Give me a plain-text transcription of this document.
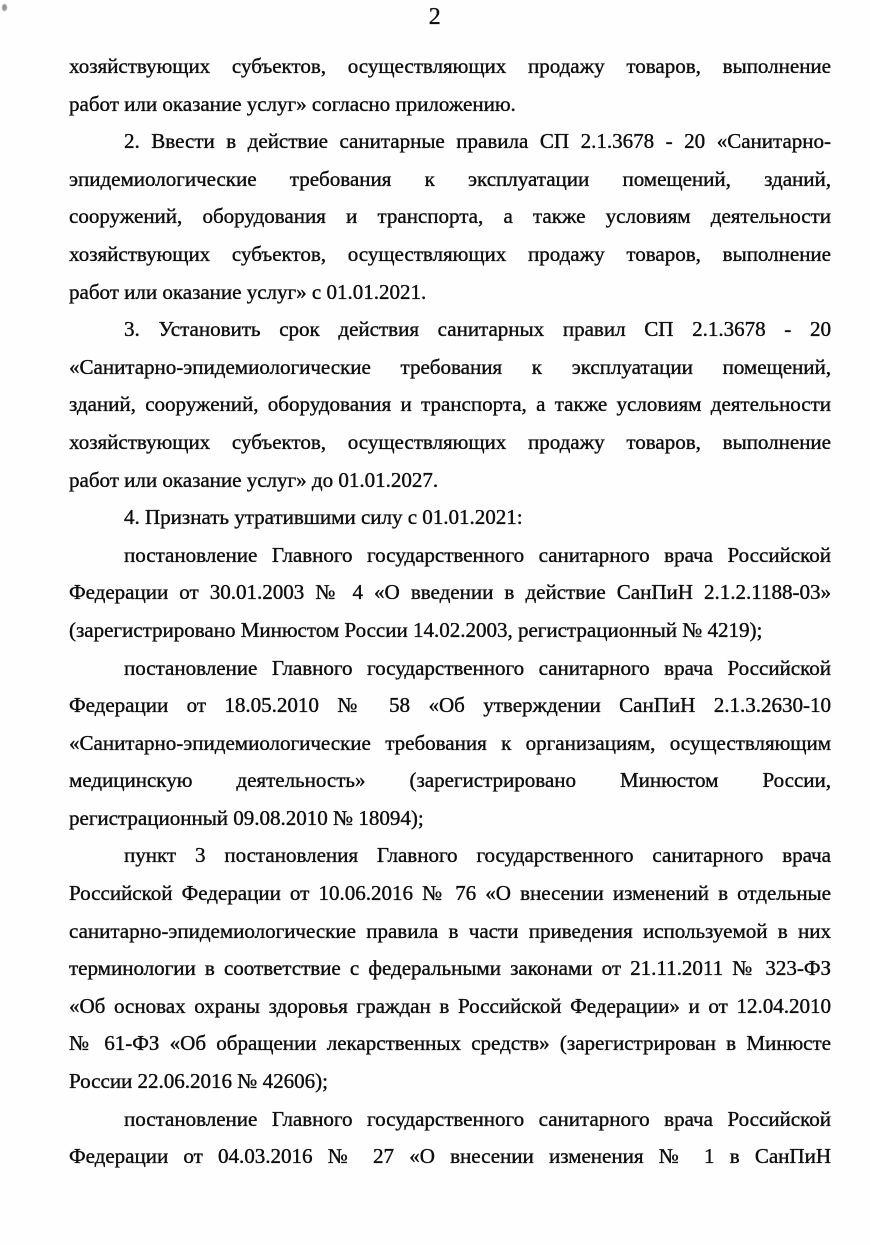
2
хозяйствующих субъектов, осуществляющих продажу товаров, выполнение
работ или оказание услуг» согласно приложению.
2. Ввести в действие санитарные правила СП 2.1.3678 - 20 «Санитарно-
эпидемиологические требования к эксплуатации помещений, зданий,
сооружений, оборудования и транспорта, а также условиям деятельности
хозяйствующих субъектов, осуществляющих продажу товаров, выполнение
работ или оказание услуг» с 01.01.2021.
3. Установить срок действия санитарных правил СП 2.1.3678 - 20
«Санитарно-эпидемиологические требования к эксплуатации помещений,
зданий, сооружений, оборудования и транспорта, а также условиям деятельности
хозяйствующих субъектов, осуществляющих продажу товаров, выполнение
работ или оказание услуг» до 01.01.2027.
4. Признать утратившими силу с 01.01.2021:
постановление Главного государственного санитарного врача Российской
Федерации от 30.01.2003 № 4 «О введении в действие СанПиН 2.1.2.1188-03»
(зарегистрировано Минюстом России 14.02.2003, регистрационный № 4219);
постановление Главного государственного санитарного врача Российской
Федерации от 18.05.2010 № 58 «Об утверждении СанПиН 2.1.3.2630-10
«Санитарно-эпидемиологические требования к организациям, осуществляющим
медицинскую деятельность» (зарегистрировано Минюстом России,
регистрационный 09.08.2010 № 18094);
пункт 3 постановления Главного государственного санитарного врача
Российской Федерации от 10.06.2016 № 76 «О внесении изменений в отдельные
санитарно-эпидемиологические правила в части приведения используемой в них
терминологии в соответствие с федеральными законами от 21.11.2011 № 323-ФЗ
«Об основах охраны здоровья граждан в Российской Федерации» и от 12.04.2010
№ 61-ФЗ «Об обращении лекарственных средств» (зарегистрирован в Минюсте
России 22.06.2016 № 42606);
постановление Главного государственного санитарного врача Российской
Федерации от 04.03.2016 № 27 «О внесении изменения № 1 в СанПиН
